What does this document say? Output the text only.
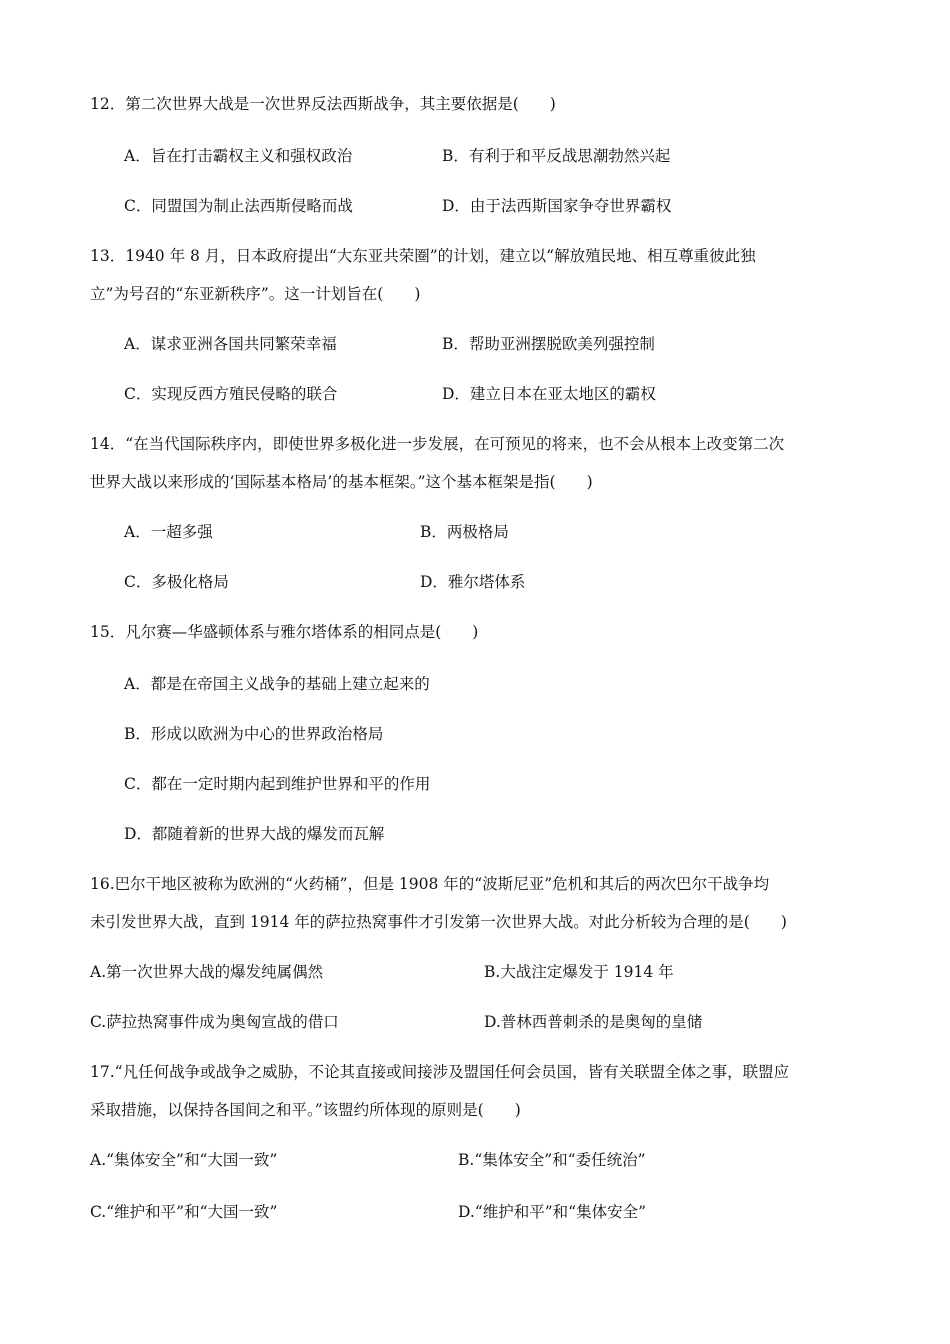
12．第二次世界大战是一次世界反法西斯战争，其主要依据是(　　)
A．旨在打击霸权主义和强权政治	B．有利于和平反战思潮勃然兴起
C．同盟国为制止法西斯侵略而战	D．由于法西斯国家争夺世界霸权
13．1940 年 8 月，日本政府提出“大东亚共荣圈”的计划，建立以“解放殖民地、相互尊重彼此独
立”为号召的“东亚新秩序”。这一计划旨在(　　)
A．谋求亚洲各国共同繁荣幸福	B．帮助亚洲摆脱欧美列强控制
C．实现反西方殖民侵略的联合	D．建立日本在亚太地区的霸权
14．“在当代国际秩序内，即使世界多极化进一步发展，在可预见的将来，也不会从根本上改变第二次
世界大战以来形成的‘国际基本格局’的基本框架。”这个基本框架是指(　　)
A．一超多强	B．两极格局
C．多极化格局	D．雅尔塔体系
15．凡尔赛—华盛顿体系与雅尔塔体系的相同点是(　　)
A．都是在帝国主义战争的基础上建立起来的
B．形成以欧洲为中心的世界政治格局
C．都在一定时期内起到维护世界和平的作用
D．都随着新的世界大战的爆发而瓦解
16.巴尔干地区被称为欧洲的“火药桶”，但是 1908 年的“波斯尼亚”危机和其后的两次巴尔干战争均
未引发世界大战，直到 1914 年的萨拉热窝事件才引发第一次世界大战。对此分析较为合理的是(　　)
A.第一次世界大战的爆发纯属偶然	B.大战注定爆发于 1914 年
C.萨拉热窝事件成为奥匈宣战的借口	D.普林西普刺杀的是奥匈的皇储
17.“凡任何战争或战争之威胁，不论其直接或间接涉及盟国任何会员国，皆有关联盟全体之事，联盟应
采取措施，以保持各国间之和平。”该盟约所体现的原则是(　　)
A.“集体安全”和“大国一致”	B.“集体安全”和“委任统治”
C.“维护和平”和“大国一致”	D.“维护和平”和“集体安全”
